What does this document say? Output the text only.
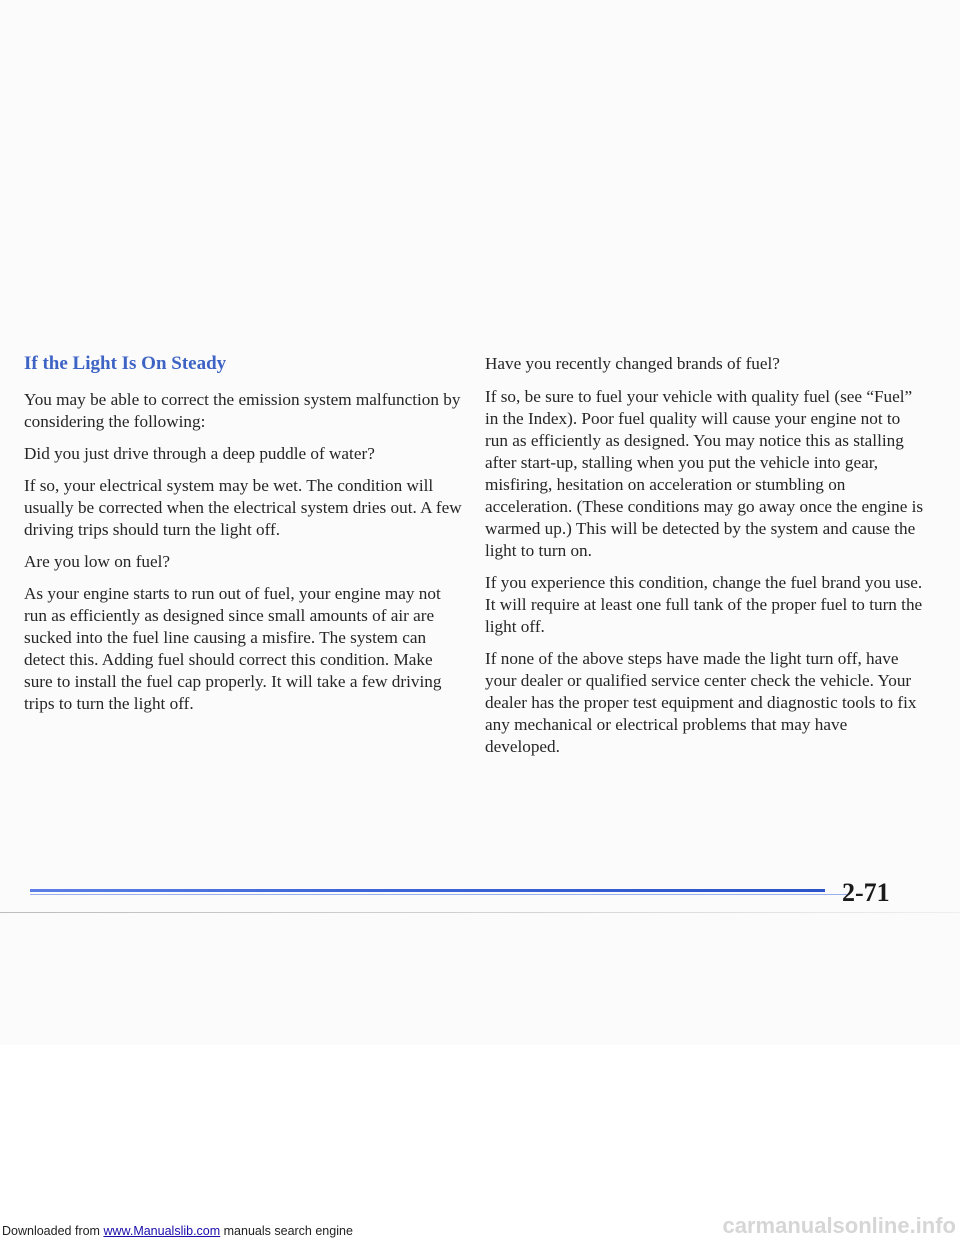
If the Light Is On Steady

You may be able to correct the emission system malfunction by considering the following:

Did you just drive through a deep puddle of water?

If so, your electrical system may be wet. The condition will usually be corrected when the electrical system dries out. A few driving trips should turn the light off.

Are you low on fuel?

As your engine starts to run out of fuel, your engine may not run as efficiently as designed since small amounts of air are sucked into the fuel line causing a misfire. The system can detect this. Adding fuel should correct this condition. Make sure to install the fuel cap properly. It will take a few driving trips to turn the light off.

Have you recently changed brands of fuel?

If so, be sure to fuel your vehicle with quality fuel (see “Fuel” in the Index). Poor fuel quality will cause your engine not to run as efficiently as designed. You may notice this as stalling after start-up, stalling when you put the vehicle into gear, misfiring, hesitation on acceleration or stumbling on acceleration. (These conditions may go away once the engine is warmed up.) This will be detected by the system and cause the light to turn on.

If you experience this condition, change the fuel brand you use. It will require at least one full tank of the proper fuel to turn the light off.

If none of the above steps have made the light turn off, have your dealer or qualified service center check the vehicle. Your dealer has the proper test equipment and diagnostic tools to fix any mechanical or electrical problems that may have developed.

2-71

Downloaded from www.Manualslib.com manuals search engine	carmanualsonline.info
